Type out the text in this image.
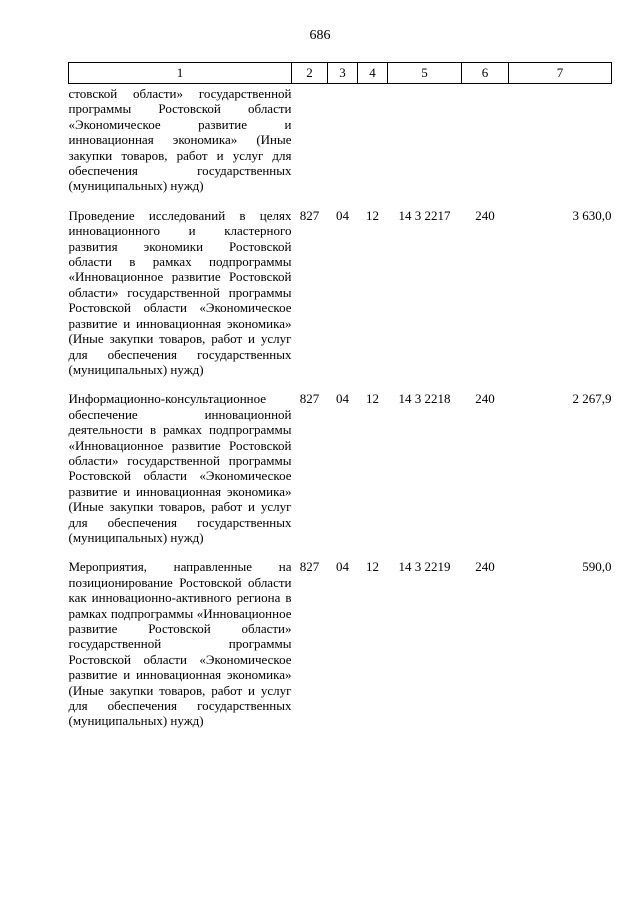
686
1	2	3	4	5	6	7
стовской области» государственной программы Ростовской области «Экономическое развитие и инновационная экономика» (Иные закупки товаров, работ и услуг для обеспечения государственных (муниципальных) нужд)						
Проведение исследований в целях инновационного и кластерного развития экономики Ростовской области в рамках подпрограммы «Инновационное развитие Ростовской области» государственной программы Ростовской области «Экономическое развитие и инновационная экономика» (Иные закупки товаров, работ и услуг для обеспечения государственных (муниципальных) нужд)	827	04	12	14 3 2217	240	3 630,0
Информационно-консультационное обеспечение инновационной деятельности в рамках подпрограммы «Инновационное развитие Ростовской области» государственной программы Ростовской области «Экономическое развитие и инновационная экономика» (Иные закупки товаров, работ и услуг для обеспечения государственных (муниципальных) нужд)	827	04	12	14 3 2218	240	2 267,9
Мероприятия, направленные на позиционирование Ростовской области как инновационно-активного региона в рамках подпрограммы «Инновационное развитие Ростовской области» государственной программы Ростовской области «Экономическое развитие и инновационная экономика» (Иные закупки товаров, работ и услуг для обеспечения государственных (муниципальных) нужд)	827	04	12	14 3 2219	240	590,0
